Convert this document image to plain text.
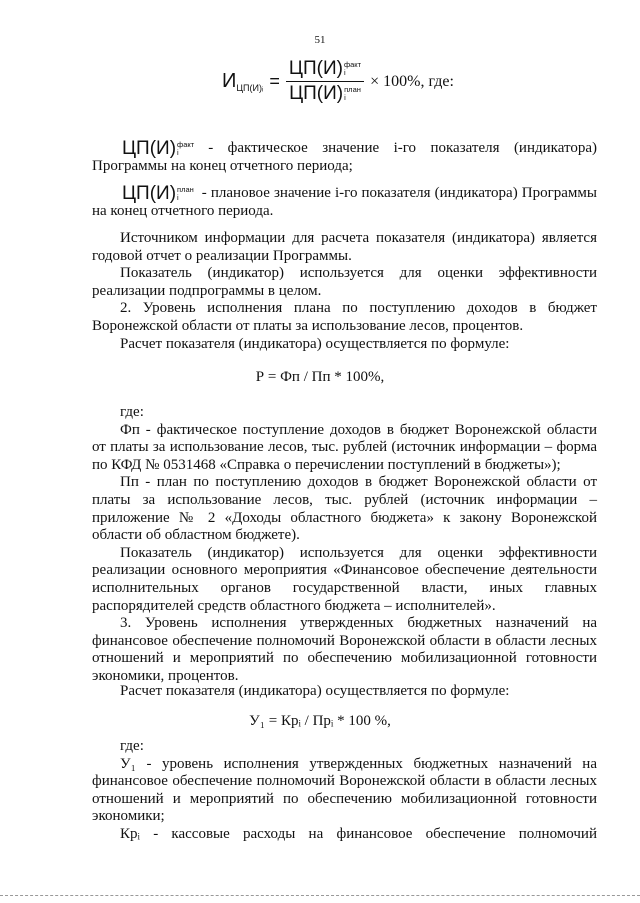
51
$И_{ЦП(И)ᵢ} = ЦП(И)$ факт
i
ЦП(И) план
i × 100%, где:
ЦП(И) факт
i	- фактическое значение i-го показателя (индикатора)
Программы на конец отчетного периода;
ЦП(И) план
i	- плановое значение i-го показателя (индикатора) Программы
на конец отчетного периода.
Источником информации для расчета показателя (индикатора) является
годовой отчет о реализации Программы.
Показатель (индикатор) используется для оценки эффективности
реализации подпрограммы в целом.
2. Уровень исполнения плана по поступлению доходов в бюджет
Воронежской области от платы за использование лесов, процентов.
Расчет показателя (индикатора) осуществляется по формуле:
Р = Фп / Пп * 100%,
где:
Фп - фактическое поступление доходов в бюджет Воронежской области
от платы за использование лесов, тыс. рублей (источник информации – форма
по КФД № 0531468 «Справка о перечислении поступлений в бюджеты»);
Пп - план по поступлению доходов в бюджет Воронежской области от
платы за использование лесов, тыс. рублей (источник информации –
приложение № 2 «Доходы областного бюджета» к закону Воронежской
области об областном бюджете).
Показатель (индикатор) используется для оценки эффективности
реализации основного мероприятия «Финансовое обеспечение деятельности
исполнительных органов государственной власти, иных главных
распорядителей средств областного бюджета – исполнителей».
3. Уровень исполнения утвержденных бюджетных назначений на
финансовое обеспечение полномочий Воронежской области в области лесных
отношений и мероприятий по обеспечению мобилизационной готовности
экономики, процентов.
Расчет показателя (индикатора) осуществляется по формуле:
У₁ = Крᵢ / Прᵢ * 100 %,
где:
У₁ - уровень исполнения утвержденных бюджетных назначений на
финансовое обеспечение полномочий Воронежской области в области лесных
отношений и мероприятий по обеспечению мобилизационной готовности
экономики;
Крᵢ - кассовые расходы на финансовое обеспечение полномочий
